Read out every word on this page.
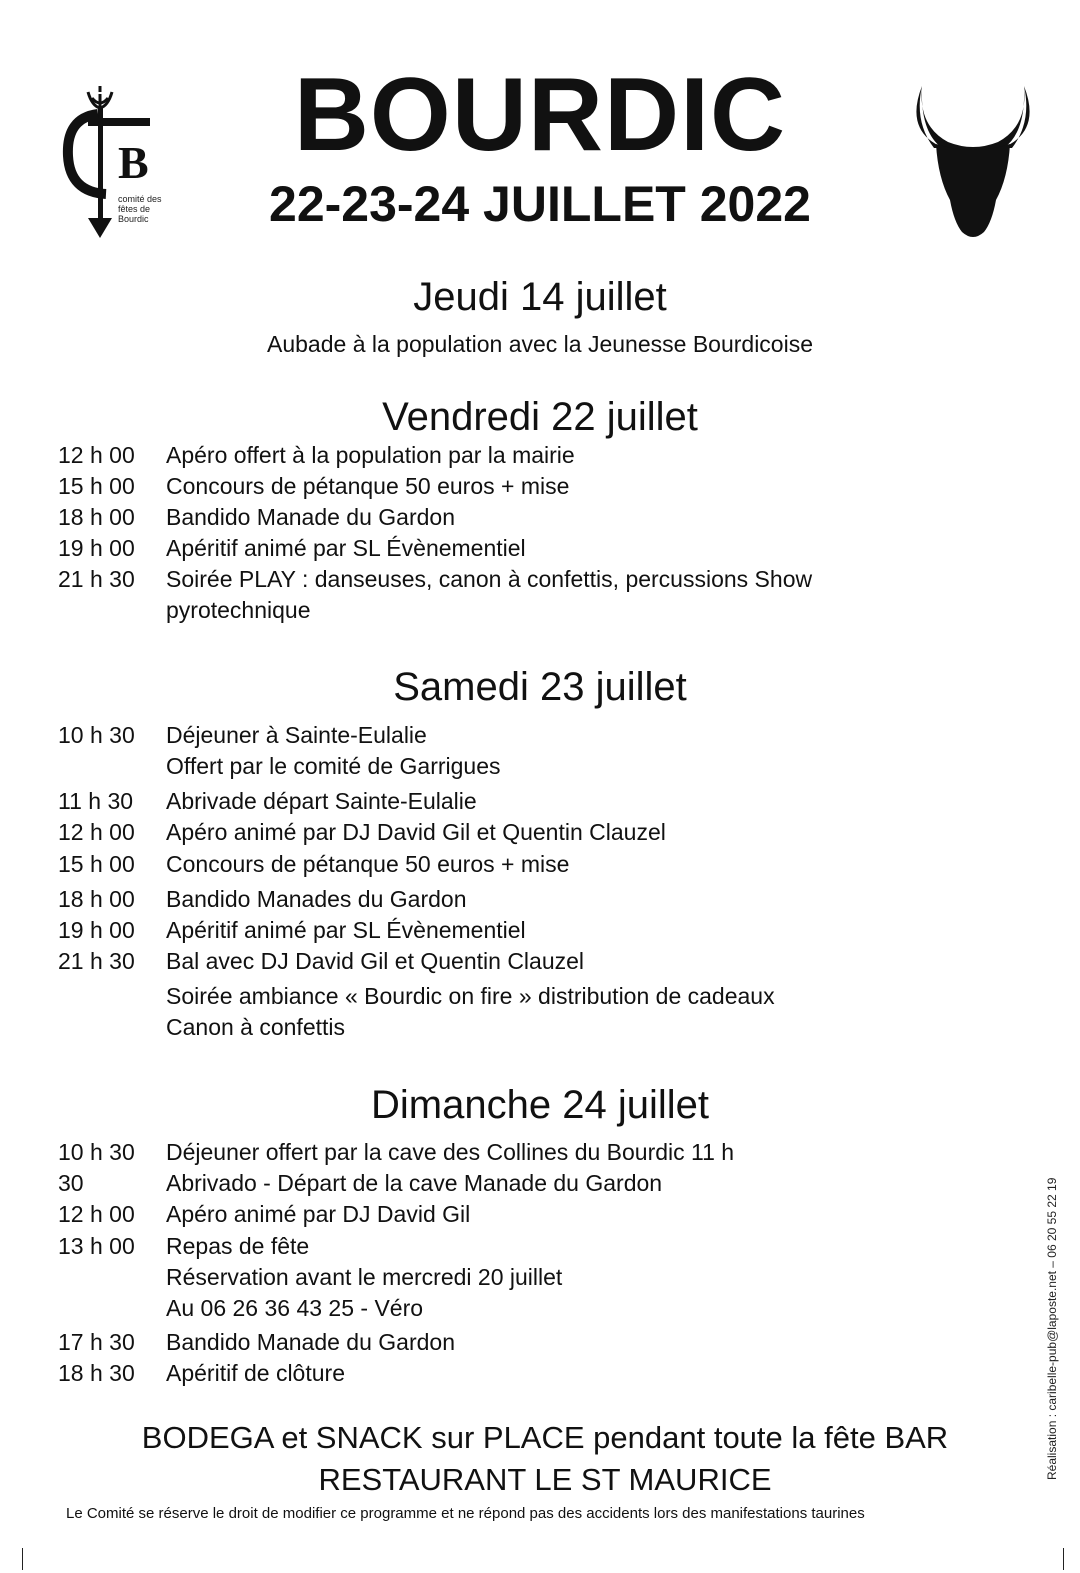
B
comité des
fêtes de
Bourdic
BOURDIC
22-23-24 JUILLET 2022
Jeudi 14 juillet
Aubade à la population avec la Jeunesse Bourdicoise
Vendredi 22 juillet
12 h 00	Apéro offert à la population par la mairie
15 h 00	Concours de pétanque 50 euros + mise
18 h 00	Bandido Manade du Gardon
19 h 00	Apéritif animé par SL Évènementiel
21 h 30	Soirée PLAY : danseuses, canon à confettis, percussions Show
pyrotechnique
Samedi 23 juillet
10 h 30	Déjeuner à Sainte-Eulalie
Offert par le comité de Garrigues
11 h 30	Abrivade départ Sainte-Eulalie
12 h 00	Apéro animé par DJ David Gil et Quentin Clauzel
15 h 00	Concours de pétanque 50 euros + mise
18 h 00	Bandido Manades du Gardon
19 h 00	Apéritif animé par SL Évènementiel
21 h 30	Bal avec DJ David Gil et Quentin Clauzel
Soirée ambiance « Bourdic on fire » distribution de cadeaux
Canon à confettis
Dimanche 24 juillet
10 h 30	Déjeuner offert par la cave des Collines du Bourdic 11 h
30	Abrivado - Départ de la cave Manade du Gardon
12 h 00	Apéro animé par DJ David Gil
13 h 00	Repas de fête
Réservation avant le mercredi 20 juillet
Au 06 26 36 43 25 - Véro
17 h 30	Bandido Manade du Gardon
18 h 30	Apéritif de clôture
BODEGA et SNACK sur PLACE pendant toute la fête BAR
RESTAURANT LE ST MAURICE
Le Comité se réserve le droit de modifier ce programme et ne répond pas des accidents lors des manifestations taurines
Réalisation : caribelle-pub@laposte.net – 06 20 55 22 19
